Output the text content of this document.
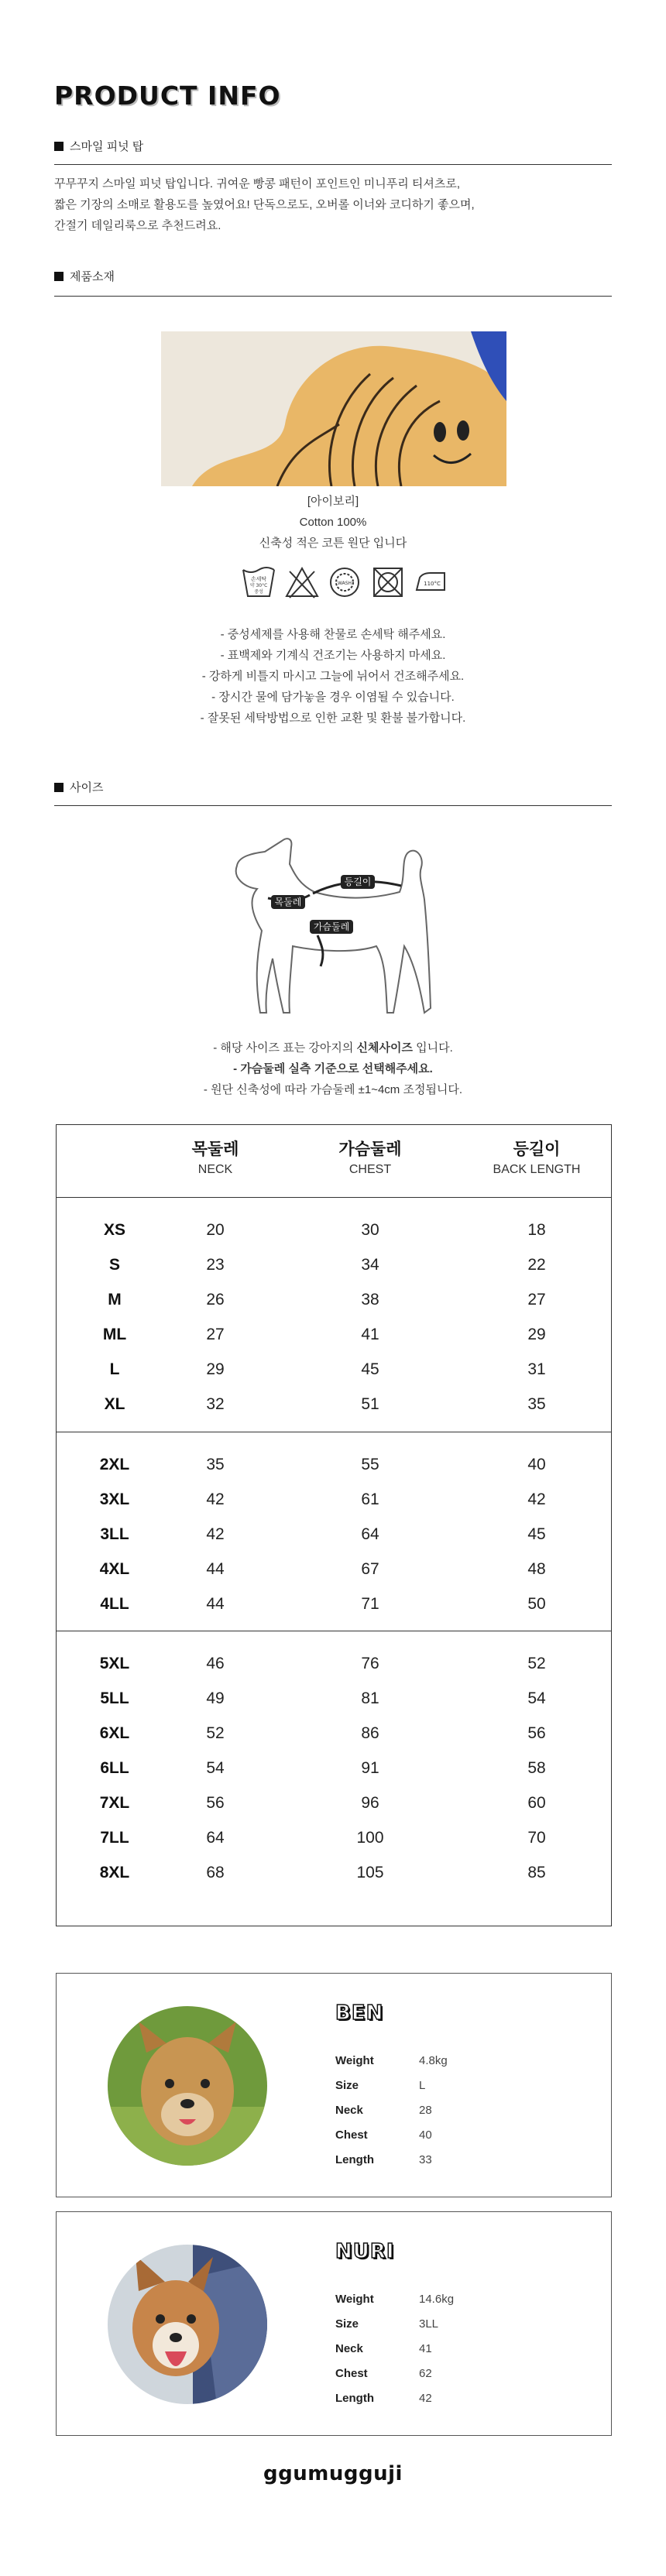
PRODUCT INFO
스마일 피넛 탑

꾸무꾸지 스마일 피넛 탑입니다. 귀여운 빵콩 패턴이 포인트인 미니푸리 티셔츠로,

짧은 기장의 소매로 활용도를 높였어요! 단독으로도, 오버롤 이너와 코디하기 좋으며,

간절기 데일리룩으로 추천드려요.

제품소재
[아이보리]
Cotton 100%
신축성 적은 코튼 원단 입니다
손세탁
약 30°C
중성
WASH	110°C
- 중성세제를 사용해 찬물로 손세탁 해주세요.
- 표백제와 기계식 건조기는 사용하지 마세요.
- 강하게 비틀지 마시고 그늘에 뉘어서 건조해주세요.
- 장시간 물에 담가놓을 경우 이염될 수 있습니다.
- 잘못된 세탁방법으로 인한 교환 및 환불 불가합니다.
사이즈
등길이
목둘레
가슴둘레
- 해당 사이즈 표는 강아지의 신체사이즈 입니다.
- 가슴둘레 실측 기준으로 선택해주세요.
- 원단 신축성에 따라 가슴둘레 ±1~4cm 조정됩니다.
목둘레
NECK
가슴둘레
CHEST
등길이
BACK LENGTH
XS	20	30	18
S	23	34	22
M	26	38	27
ML	27	41	29
L	29	45	31
XL	32	51	35
2XL	35	55	40
3XL	42	61	42
3LL	42	64	45
4XL	44	67	48
4LL	44	71	50
5XL	46	76	52
5LL	49	81	54
6XL	52	86	56
6LL	54	91	58
7XL	56	96	60
7LL	64	100	70
8XL	68	105	85
BEN
Weight	4.8kg
Size	L
Neck	28
Chest	40
Length	33
NURI
Weight	14.6kg
Size	3LL
Neck	41
Chest	62
Length	42
ggumugguji
